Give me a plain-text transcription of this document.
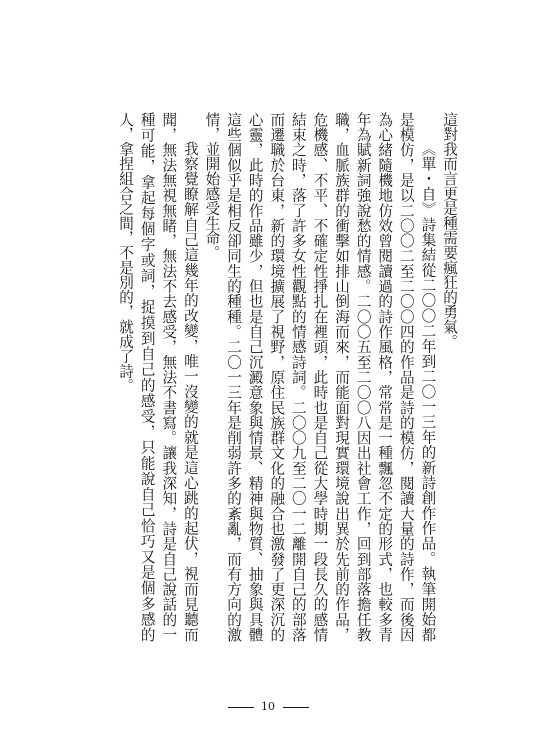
這對我而言更是種需要瘋狂的勇氣。

《單・自》詩集結從二〇〇二年到二〇一三年的新詩創作作品。執筆開始都是模仿，是以二〇〇二至二〇〇四的作品是詩的模仿，閱讀大量的詩作，而後因為心緒隨機地仿效曾閱讀過的詩作風格，常常是一種飄忽不定的形式，也較多青年為賦新詞強說愁的情感。二〇〇五至二〇〇八因出社會工作，回到部落擔任教職，血脈族群的衝擊如排山倒海而來，而能面對現實環境說出異於先前的作品，危機感、不平、不確定性掙扎在裡頭，此時也是自己從大學時期一段長久的感情結束之時，落了許多女性觀點的情感詩詞。二〇〇九至二〇一二離開自己的部落而遷職於台東，新的環境擴展了視野，原住民族群文化的融合也激發了更深沉的心靈，此時的作品雖少，但也是自己沉澱意象與情景、精神與物質、抽象與具體這些個似乎是相反卻同生的種種。二〇一三年是削弱許多的紊亂，而有方向的激情，並開始感受生命。

我察覺瞭解自己這幾年的改變，唯一沒變的就是這心跳的起伏，視而見聽而聞，無法無視無睹，無法不去感受，無法不書寫。讓我深知，詩是自己說話的一種可能，拿起每個字或詞，捉摸到自己的感受，只能說自己恰巧又是個多感的人，拿捏組合之間，不是別的，就成了詩。

10
